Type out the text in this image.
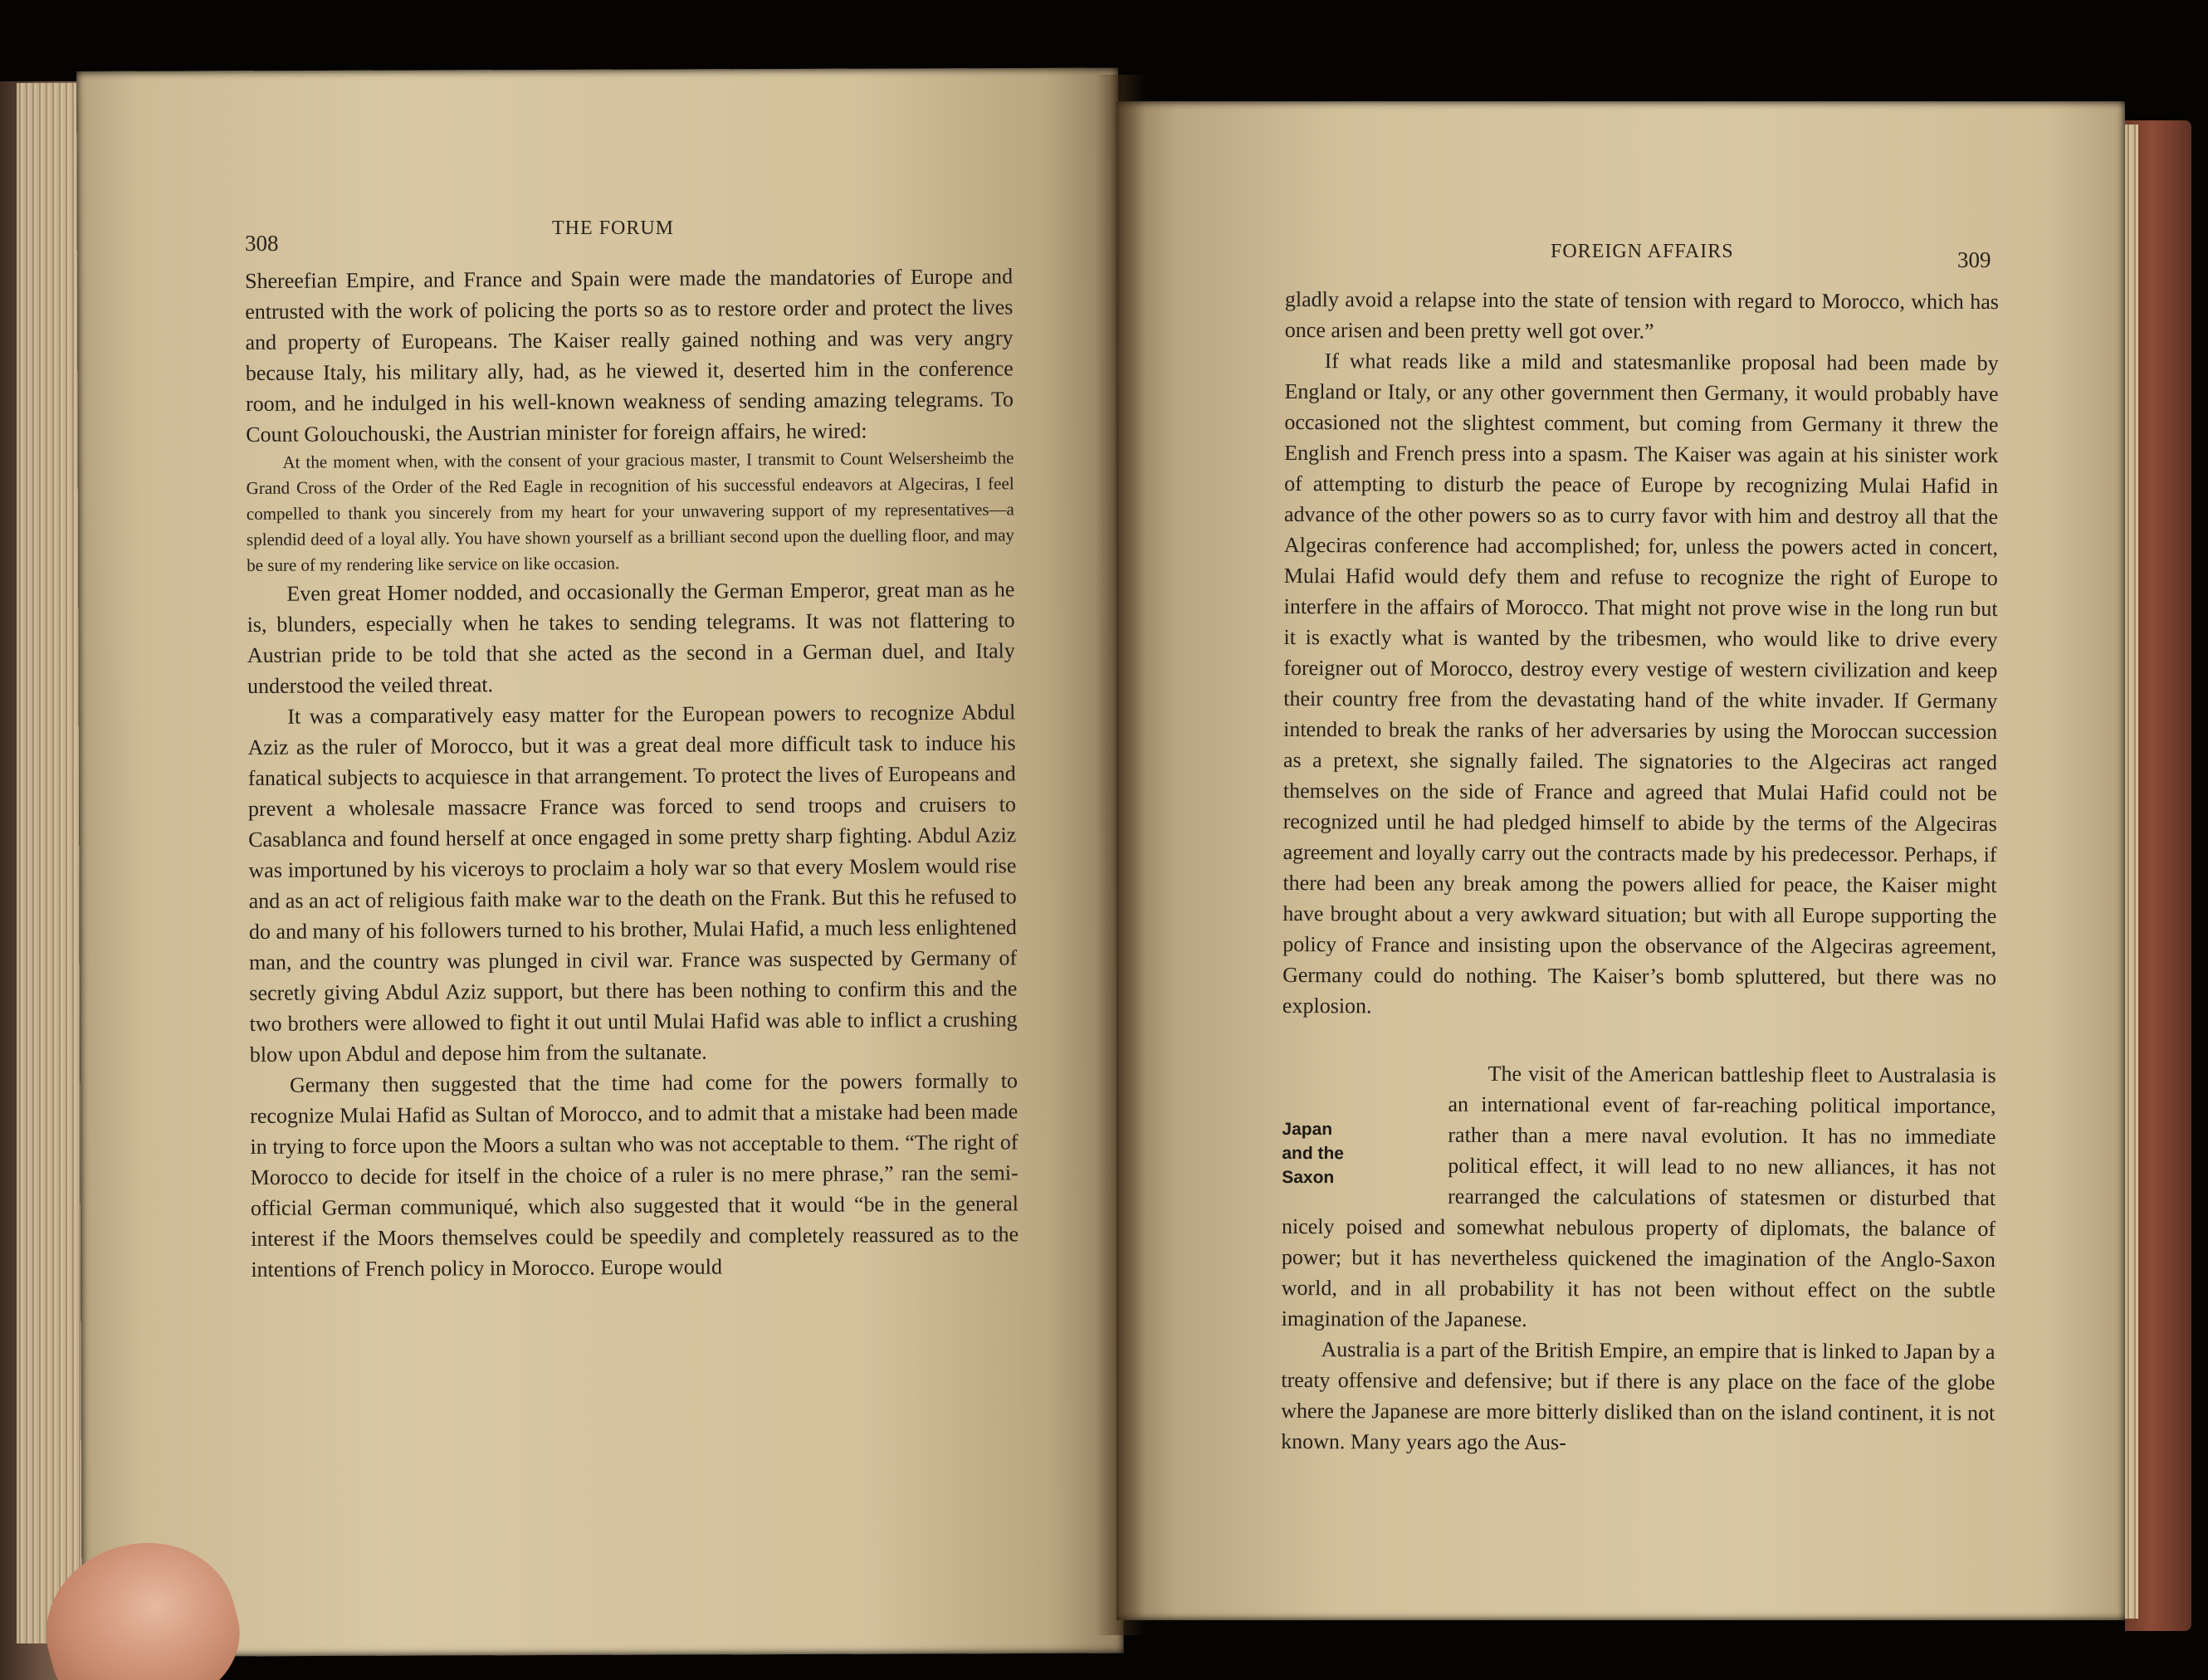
308
THE FORUM

Shereefian Empire, and France and Spain were made the mandatories of Europe and entrusted with the work of policing the ports so as to restore order and protect the lives and property of Europeans. The Kaiser really gained nothing and was very angry because Italy, his military ally, had, as he viewed it, deserted him in the conference room, and he indulged in his well-known weakness of sending amazing telegrams. To Count Golouchouski, the Austrian minister for foreign affairs, he wired:

At the moment when, with the consent of your gracious master, I transmit to Count Welsersheimb the Grand Cross of the Order of the Red Eagle in recognition of his successful endeavors at Algeciras, I feel compelled to thank you sincerely from my heart for your unwavering support of my representatives—a splendid deed of a loyal ally. You have shown yourself as a brilliant second upon the duelling floor, and may be sure of my rendering like service on like occasion.

Even great Homer nodded, and occasionally the German Emperor, great man as he is, blunders, especially when he takes to sending telegrams. It was not flattering to Austrian pride to be told that she acted as the second in a German duel, and Italy understood the veiled threat.

It was a comparatively easy matter for the European powers to recognize Abdul Aziz as the ruler of Morocco, but it was a great deal more difficult task to induce his fanatical subjects to acquiesce in that arrangement. To protect the lives of Europeans and prevent a wholesale massacre France was forced to send troops and cruisers to Casablanca and found herself at once engaged in some pretty sharp fighting. Abdul Aziz was importuned by his viceroys to proclaim a holy war so that every Moslem would rise and as an act of religious faith make war to the death on the Frank. But this he refused to do and many of his followers turned to his brother, Mulai Hafid, a much less enlightened man, and the country was plunged in civil war. France was suspected by Germany of secretly giving Abdul Aziz support, but there has been nothing to confirm this and the two brothers were allowed to fight it out until Mulai Hafid was able to inflict a crushing blow upon Abdul and depose him from the sultanate.

Germany then suggested that the time had come for the powers formally to recognize Mulai Hafid as Sultan of Morocco, and to admit that a mistake had been made in trying to force upon the Moors a sultan who was not acceptable to them. “The right of Morocco to decide for itself in the choice of a ruler is no mere phrase,” ran the semi-official German communiqué, which also suggested that it would “be in the general interest if the Moors themselves could be speedily and completely reassured as to the intentions of French policy in Morocco. Europe would

FOREIGN AFFAIRS	309

gladly avoid a relapse into the state of tension with regard to Morocco, which has once arisen and been pretty well got over.”

If what reads like a mild and statesmanlike proposal had been made by England or Italy, or any other government then Germany, it would probably have occasioned not the slightest comment, but coming from Germany it threw the English and French press into a spasm. The Kaiser was again at his sinister work of attempting to disturb the peace of Europe by recognizing Mulai Hafid in advance of the other powers so as to curry favor with him and destroy all that the Algeciras conference had accomplished; for, unless the powers acted in concert, Mulai Hafid would defy them and refuse to recognize the right of Europe to interfere in the affairs of Morocco. That might not prove wise in the long run but it is exactly what is wanted by the tribesmen, who would like to drive every foreigner out of Morocco, destroy every vestige of western civilization and keep their country free from the devastating hand of the white invader. If Germany intended to break the ranks of her adversaries by using the Moroccan succession as a pretext, she signally failed. The signatories to the Algeciras act ranged themselves on the side of France and agreed that Mulai Hafid could not be recognized until he had pledged himself to abide by the terms of the Algeciras agreement and loyally carry out the contracts made by his predecessor. Perhaps, if there had been any break among the powers allied for peace, the Kaiser might have brought about a very awkward situation; but with all Europe supporting the policy of France and insisting upon the observance of the Algeciras agreement, Germany could do nothing. The Kaiser’s bomb spluttered, but there was no explosion.

Japan
and the
Saxon

The visit of the American battleship fleet to Australasia is an international event of far-reaching political importance, rather than a mere naval evolution. It has no immediate political effect, it will lead to no new alliances, it has not rearranged the calculations of statesmen or disturbed that nicely poised and somewhat nebulous property of diplomats, the balance of power; but it has nevertheless quickened the imagination of the Anglo-Saxon world, and in all probability it has not been without effect on the subtle imagination of the Japanese.

Australia is a part of the British Empire, an empire that is linked to Japan by a treaty offensive and defensive; but if there is any place on the face of the globe where the Japanese are more bitterly disliked than on the island continent, it is not known. Many years ago the Aus-
